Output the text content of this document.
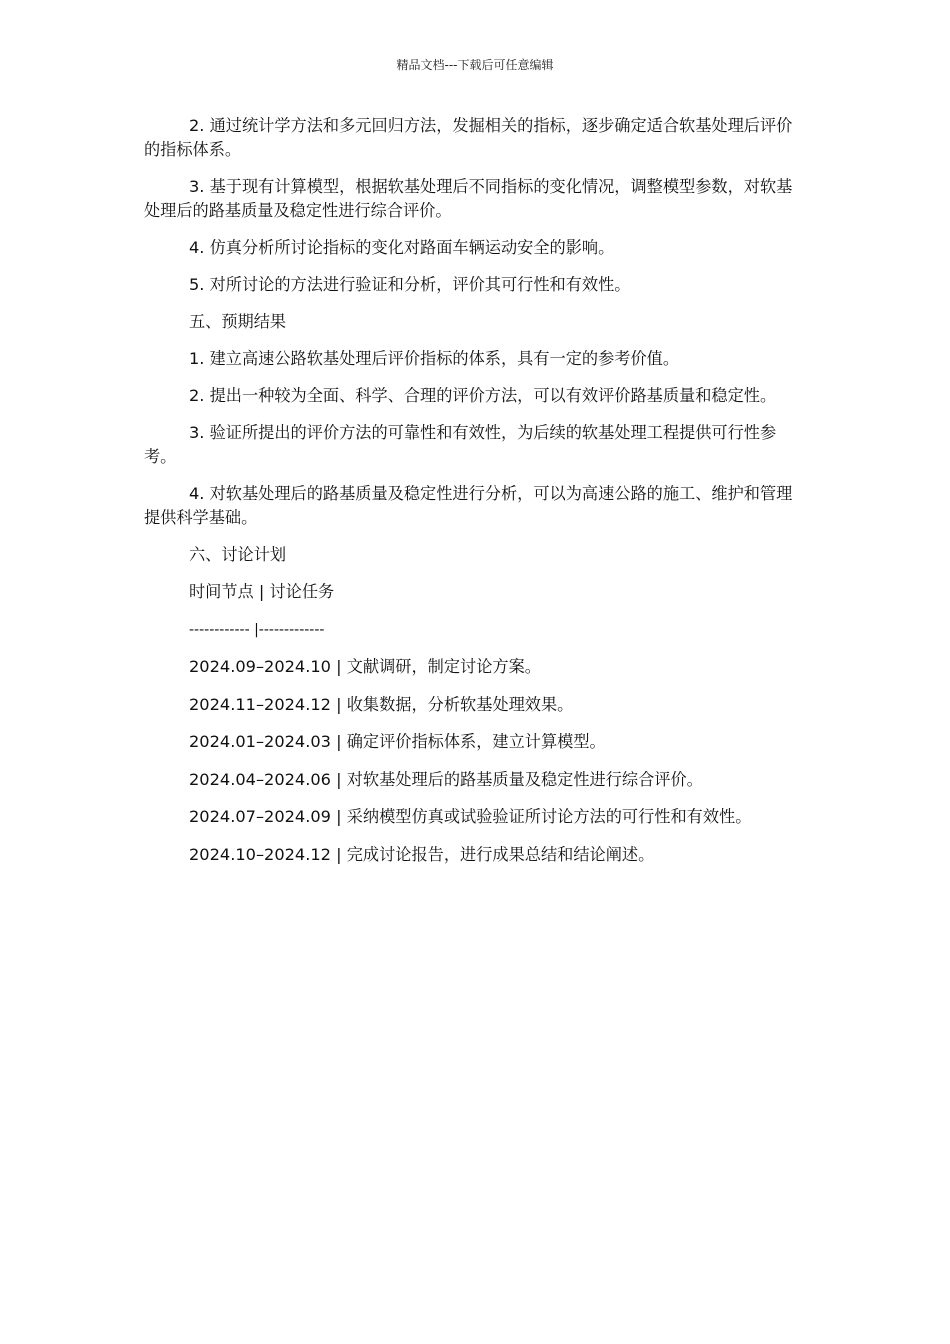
精品文档---下载后可任意编辑

2. 通过统计学方法和多元回归方法，发掘相关的指标，逐步确定适合软基处理后评价的指标体系。

3. 基于现有计算模型，根据软基处理后不同指标的变化情况，调整模型参数，对软基处理后的路基质量及稳定性进行综合评价。

4. 仿真分析所讨论指标的变化对路面车辆运动安全的影响。

5. 对所讨论的方法进行验证和分析，评价其可行性和有效性。

五、预期结果

1. 建立高速公路软基处理后评价指标的体系，具有一定的参考价值。

2. 提出一种较为全面、科学、合理的评价方法，可以有效评价路基质量和稳定性。

3. 验证所提出的评价方法的可靠性和有效性，为后续的软基处理工程提供可行性参考。

4. 对软基处理后的路基质量及稳定性进行分析，可以为高速公路的施工、维护和管理提供科学基础。

六、讨论计划

时间节点 | 讨论任务
------------ |-------------
2024.09–2024.10 | 文献调研，制定讨论方案。
2024.11–2024.12 | 收集数据，分析软基处理效果。
2024.01–2024.03 | 确定评价指标体系，建立计算模型。
2024.04–2024.06 | 对软基处理后的路基质量及稳定性进行综合评价。
2024.07–2024.09 | 采纳模型仿真或试验验证所讨论方法的可行性和有效性。
2024.10–2024.12 | 完成讨论报告，进行成果总结和结论阐述。
